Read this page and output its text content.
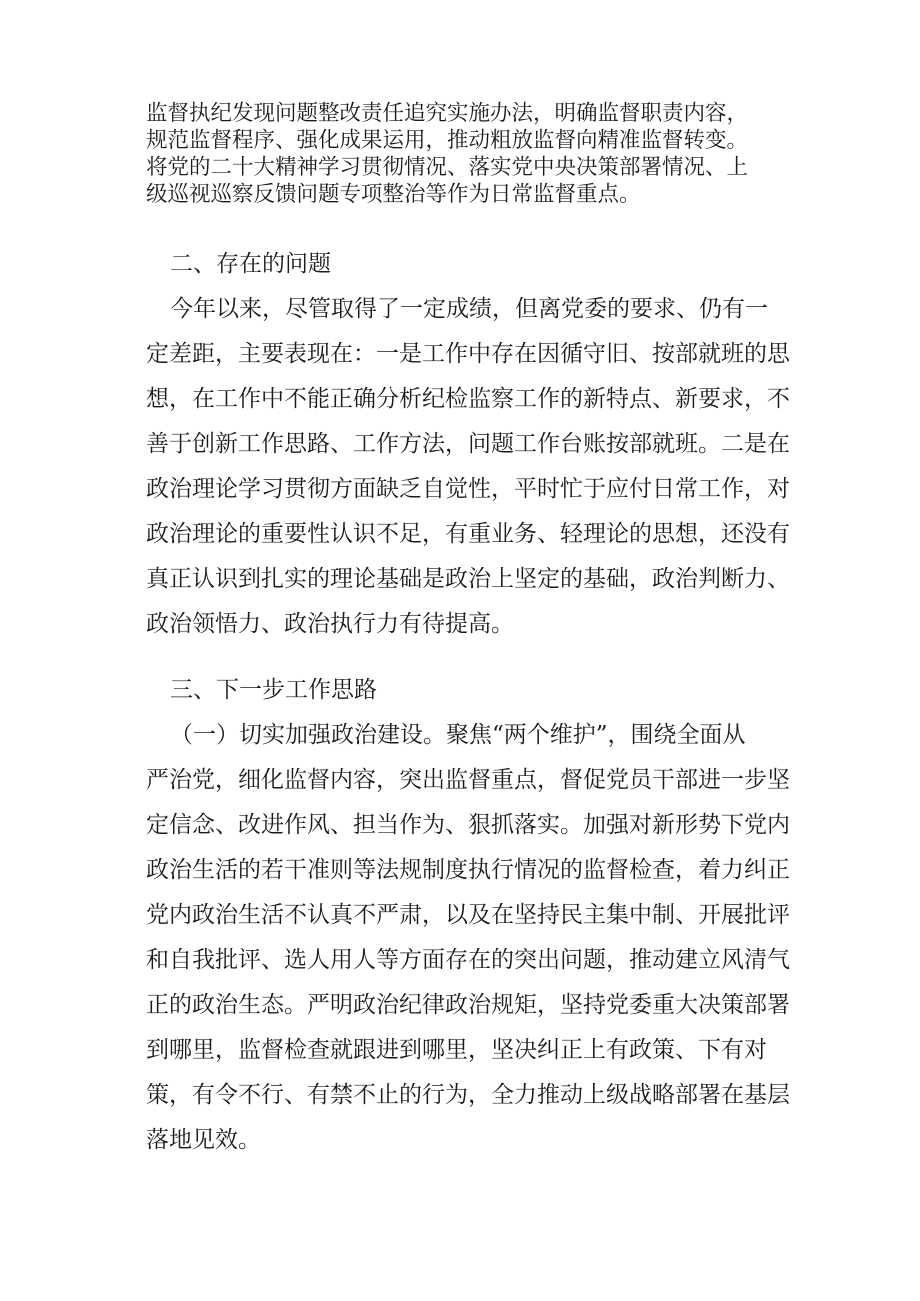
监督执纪发现问题整改责任追究实施办法，明确监督职责内容，
规范监督程序、强化成果运用，推动粗放监督向精准监督转变。
将党的二十大精神学习贯彻情况、落实党中央决策部署情况、上
级巡视巡察反馈问题专项整治等作为日常监督重点。
二、存在的问题
今年以来，尽管取得了一定成绩，但离党委的要求、仍有一
定差距，主要表现在：一是工作中存在因循守旧、按部就班的思
想，在工作中不能正确分析纪检监察工作的新特点、新要求，不
善于创新工作思路、工作方法，问题工作台账按部就班。二是在
政治理论学习贯彻方面缺乏自觉性，平时忙于应付日常工作，对
政治理论的重要性认识不足，有重业务、轻理论的思想，还没有
真正认识到扎实的理论基础是政治上坚定的基础，政治判断力、
政治领悟力、政治执行力有待提高。
三、下一步工作思路
（一）切实加强政治建设。聚焦“两个维护”，围绕全面从
严治党，细化监督内容，突出监督重点，督促党员干部进一步坚
定信念、改进作风、担当作为、狠抓落实。加强对新形势下党内
政治生活的若干准则等法规制度执行情况的监督检查，着力纠正
党内政治生活不认真不严肃，以及在坚持民主集中制、开展批评
和自我批评、选人用人等方面存在的突出问题，推动建立风清气
正的政治生态。严明政治纪律政治规矩，坚持党委重大决策部署
到哪里，监督检查就跟进到哪里，坚决纠正上有政策、下有对
策，有令不行、有禁不止的行为，全力推动上级战略部署在基层
落地见效。
